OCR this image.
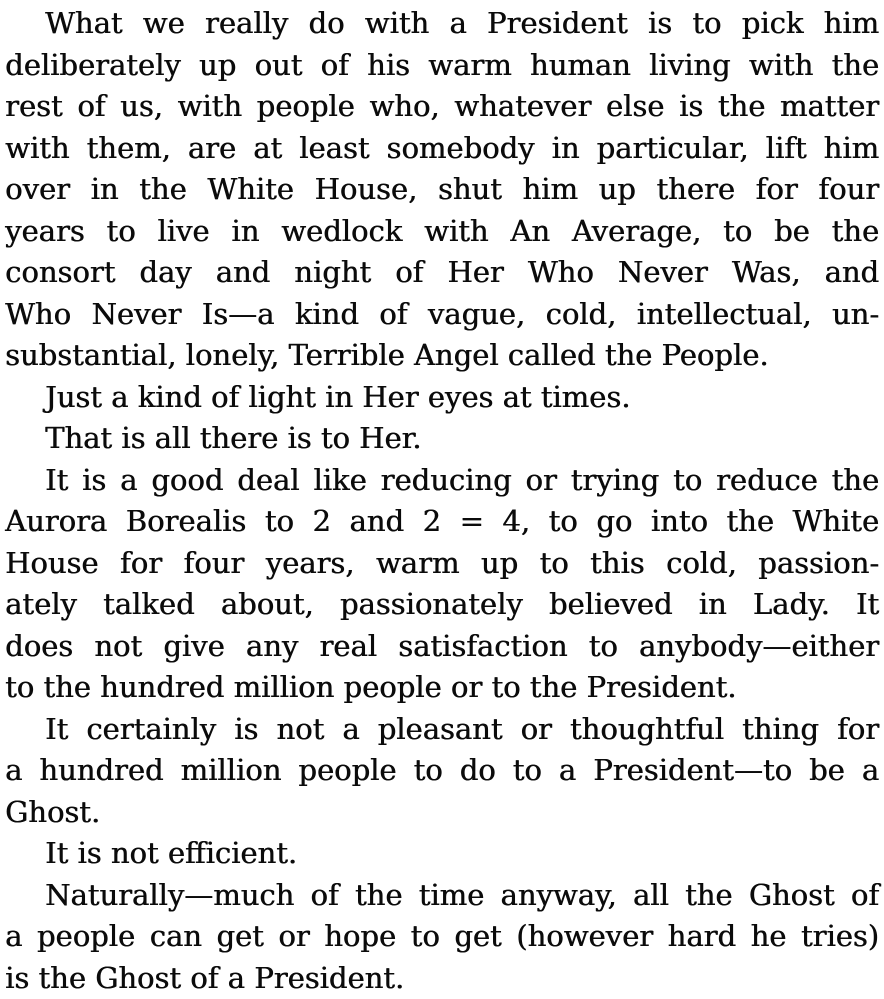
What we really do with a President is to pick him
deliberately up out of his warm human living with the
rest of us, with people who, whatever else is the matter
with them, are at least somebody in particular, lift him
over in the White House, shut him up there for four
years to live in wedlock with An Average, to be the
consort day and night of Her Who Never Was, and
Who Never Is—a kind of vague, cold, intellectual, un-
substantial, lonely, Terrible Angel called the People.
Just a kind of light in Her eyes at times.
That is all there is to Her.
It is a good deal like reducing or trying to reduce the
Aurora Borealis to 2 and 2 = 4, to go into the White
House for four years, warm up to this cold, passion-
ately talked about, passionately believed in Lady. It
does not give any real satisfaction to anybody—either
to the hundred million people or to the President.
It certainly is not a pleasant or thoughtful thing for
a hundred million people to do to a President—to be a
Ghost.
It is not efficient.
Naturally—much of the time anyway, all the Ghost of
a people can get or hope to get (however hard he tries)
is the Ghost of a President.
